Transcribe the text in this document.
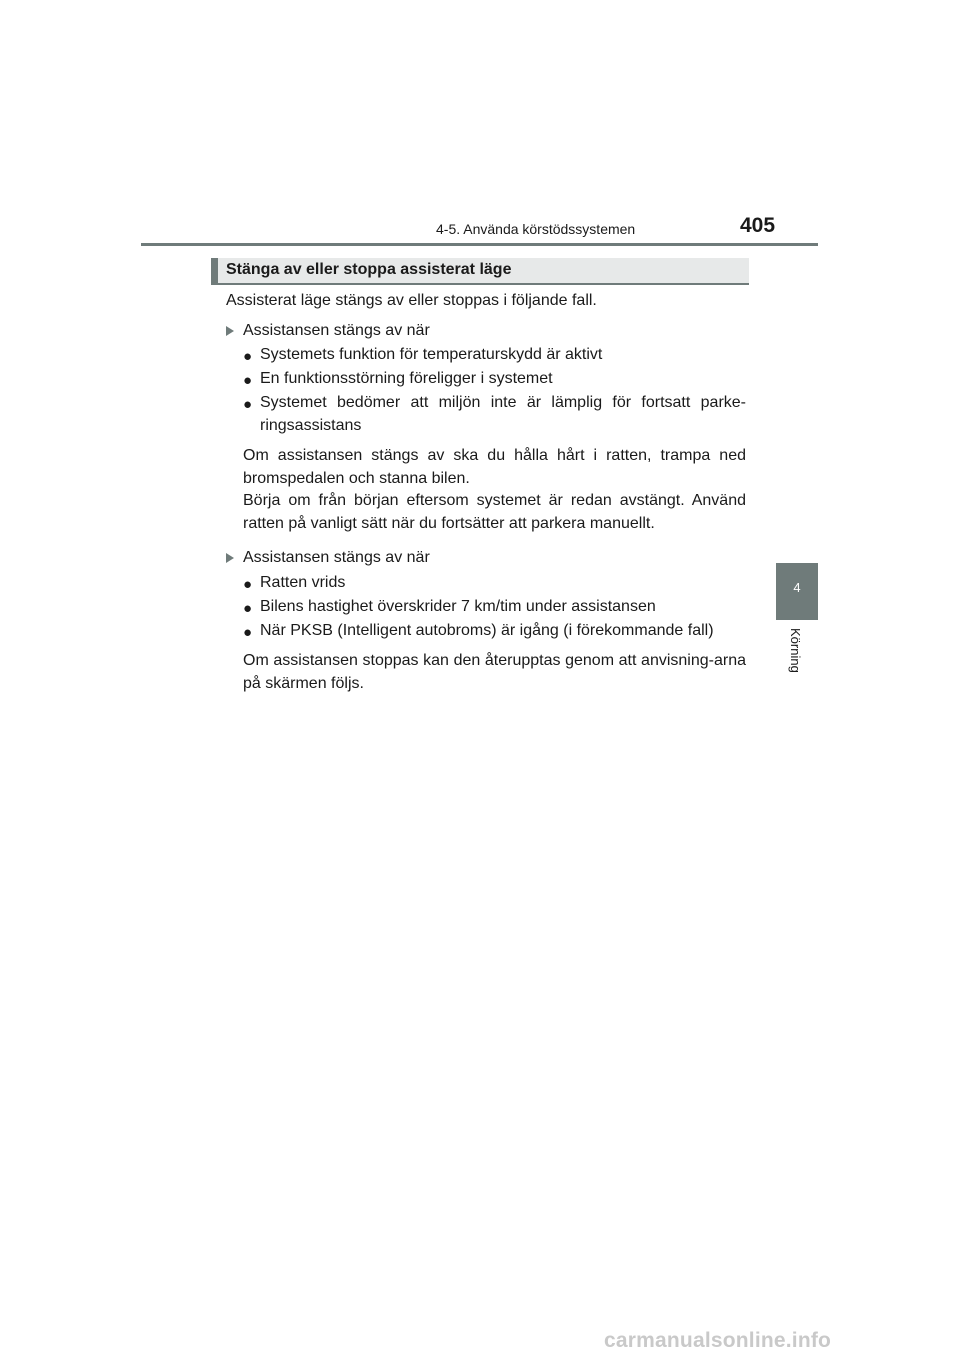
4-5. Använda körstödssystemen	405
4
Körning
Stänga av eller stoppa assisterat läge

Assisterat läge stängs av eller stoppas i följande fall.

Assistansen stängs av när
● Systemets funktion för temperaturskydd är aktivt
● En funktionsstörning föreligger i systemet
● Systemet bedömer att miljön inte är lämplig för fortsatt parke-ringsassistans

Om assistansen stängs av ska du hålla hårt i ratten, trampa ned bromspedalen och stanna bilen.

Börja om från början eftersom systemet är redan avstängt. Använd ratten på vanligt sätt när du fortsätter att parkera manuellt.

Assistansen stängs av när
● Ratten vrids
● Bilens hastighet överskrider 7 km/tim under assistansen
● När PKSB (Intelligent autobroms) är igång (i förekommande fall)

Om assistansen stoppas kan den återupptas genom att anvisning-arna på skärmen följs.

carmanualsonline.info
